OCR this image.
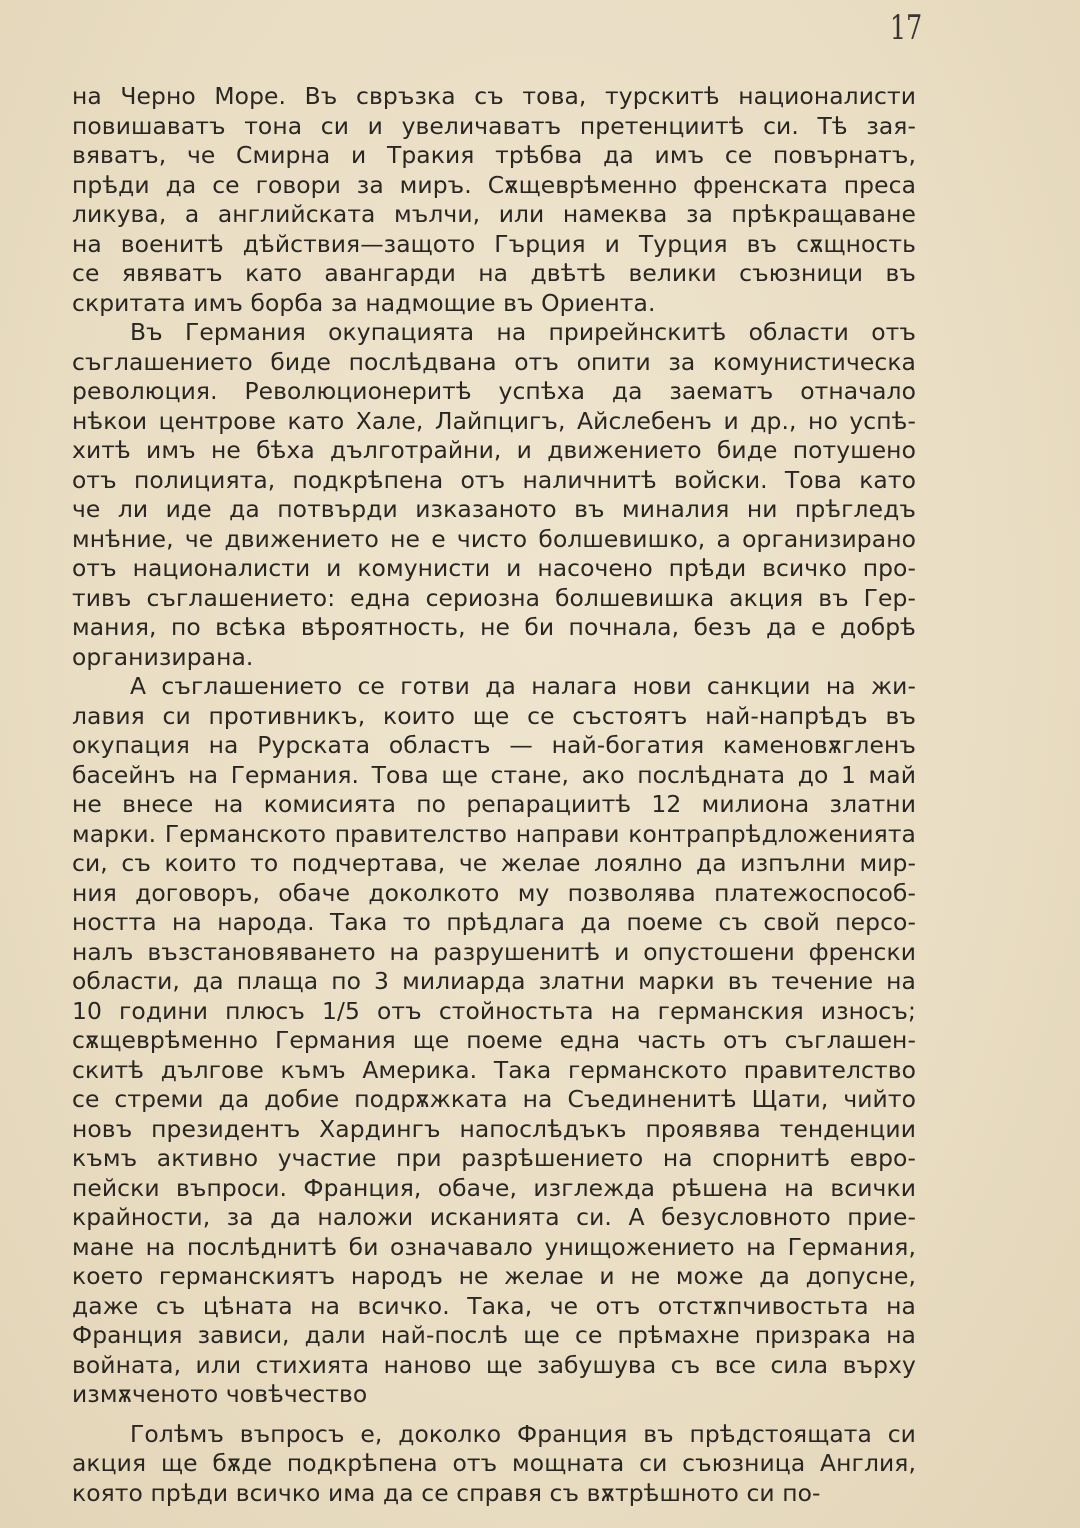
17
на Черно Море. Въ свръзка съ това, турскитѣ националисти
повишаватъ тона си и увеличаватъ претенциитѣ си. Тѣ зая-
вяватъ, че Смирна и Тракия трѣбва да имъ се повърнатъ,
прѣди да се говори за миръ. Сѫщеврѣменно френската преса
ликува, а английската мълчи, или намеква за прѣкращаване
на военитѣ дѣйствия—защото Гърция и Турция въ сѫщность
се явяватъ като авангарди на двѣтѣ велики съюзници въ
скритата имъ борба за надмощие въ Ориента.
Въ Германия окупацията на прирейнскитѣ области отъ
съглашението биде послѣдвана отъ опити за комунистическа
революция. Революционеритѣ успѣха да заематъ отначало
нѣкои центрове като Хале, Лайпцигъ, Айслебенъ и др., но успѣ-
хитѣ имъ не бѣха дълготрайни, и движението биде потушено
отъ полицията, подкрѣпена отъ наличнитѣ войски. Това като
че ли иде да потвърди изказаното въ миналия ни прѣгледъ
мнѣние, че движението не е чисто болшевишко, а организирано
отъ националисти и комунисти и насочено прѣди всичко про-
тивъ съглашението: една сериозна болшевишка акция въ Гер-
мания, по всѣка вѣроятность, не би почнала, безъ да е добрѣ
организирана.
А съглашението се готви да налага нови санкции на жи-
лавия си противникъ, които ще се състоятъ най-напрѣдъ въ
окупация на Рурската областъ — най-богатия каменовѫгленъ
басейнъ на Германия. Това ще стане, ако послѣдната до 1 май
не внесе на комисията по репарациитѣ 12 милиона златни
марки. Германското правителство направи контрапрѣдложенията
си, съ които то подчертава, че желае лоялно да изпълни мир-
ния договоръ, обаче доколкото му позволява платежоспособ-
ността на народа. Така то прѣдлага да поеме съ свой персо-
налъ възстановяването на разрушенитѣ и опустошени френски
области, да плаща по 3 милиарда златни марки въ течение на
10 години плюсъ 1/5 отъ стойностьта на германския износъ;
сѫщеврѣменно Германия ще поеме една часть отъ съглашен-
скитѣ дългове къмъ Америка. Така германското правителство
се стреми да добие подрѫжката на Съединенитѣ Щати, чийто
новъ президентъ Хардингъ напослѣдъкъ проявява тенденции
къмъ активно участие при разрѣшението на спорнитѣ евро-
пейски въпроси. Франция, обаче, изглежда рѣшена на всички
крайности, за да наложи исканията си. А безусловното прие-
мане на послѣднитѣ би означавало унищожението на Германия,
което германскиятъ народъ не желае и не може да допусне,
даже съ цѣната на всичко. Така, че отъ отстѫпчивостьта на
Франция зависи, дали най-послѣ ще се прѣмахне призрака на
войната, или стихията наново ще забушува съ все сила върху
измѫченото човѣчество
Голѣмъ въпросъ е, доколко Франция въ прѣдстоящата си
акция ще бѫде подкрѣпена отъ мощната си съюзница Англия,
която прѣди всичко има да се справя съ вѫтрѣшното си по-
